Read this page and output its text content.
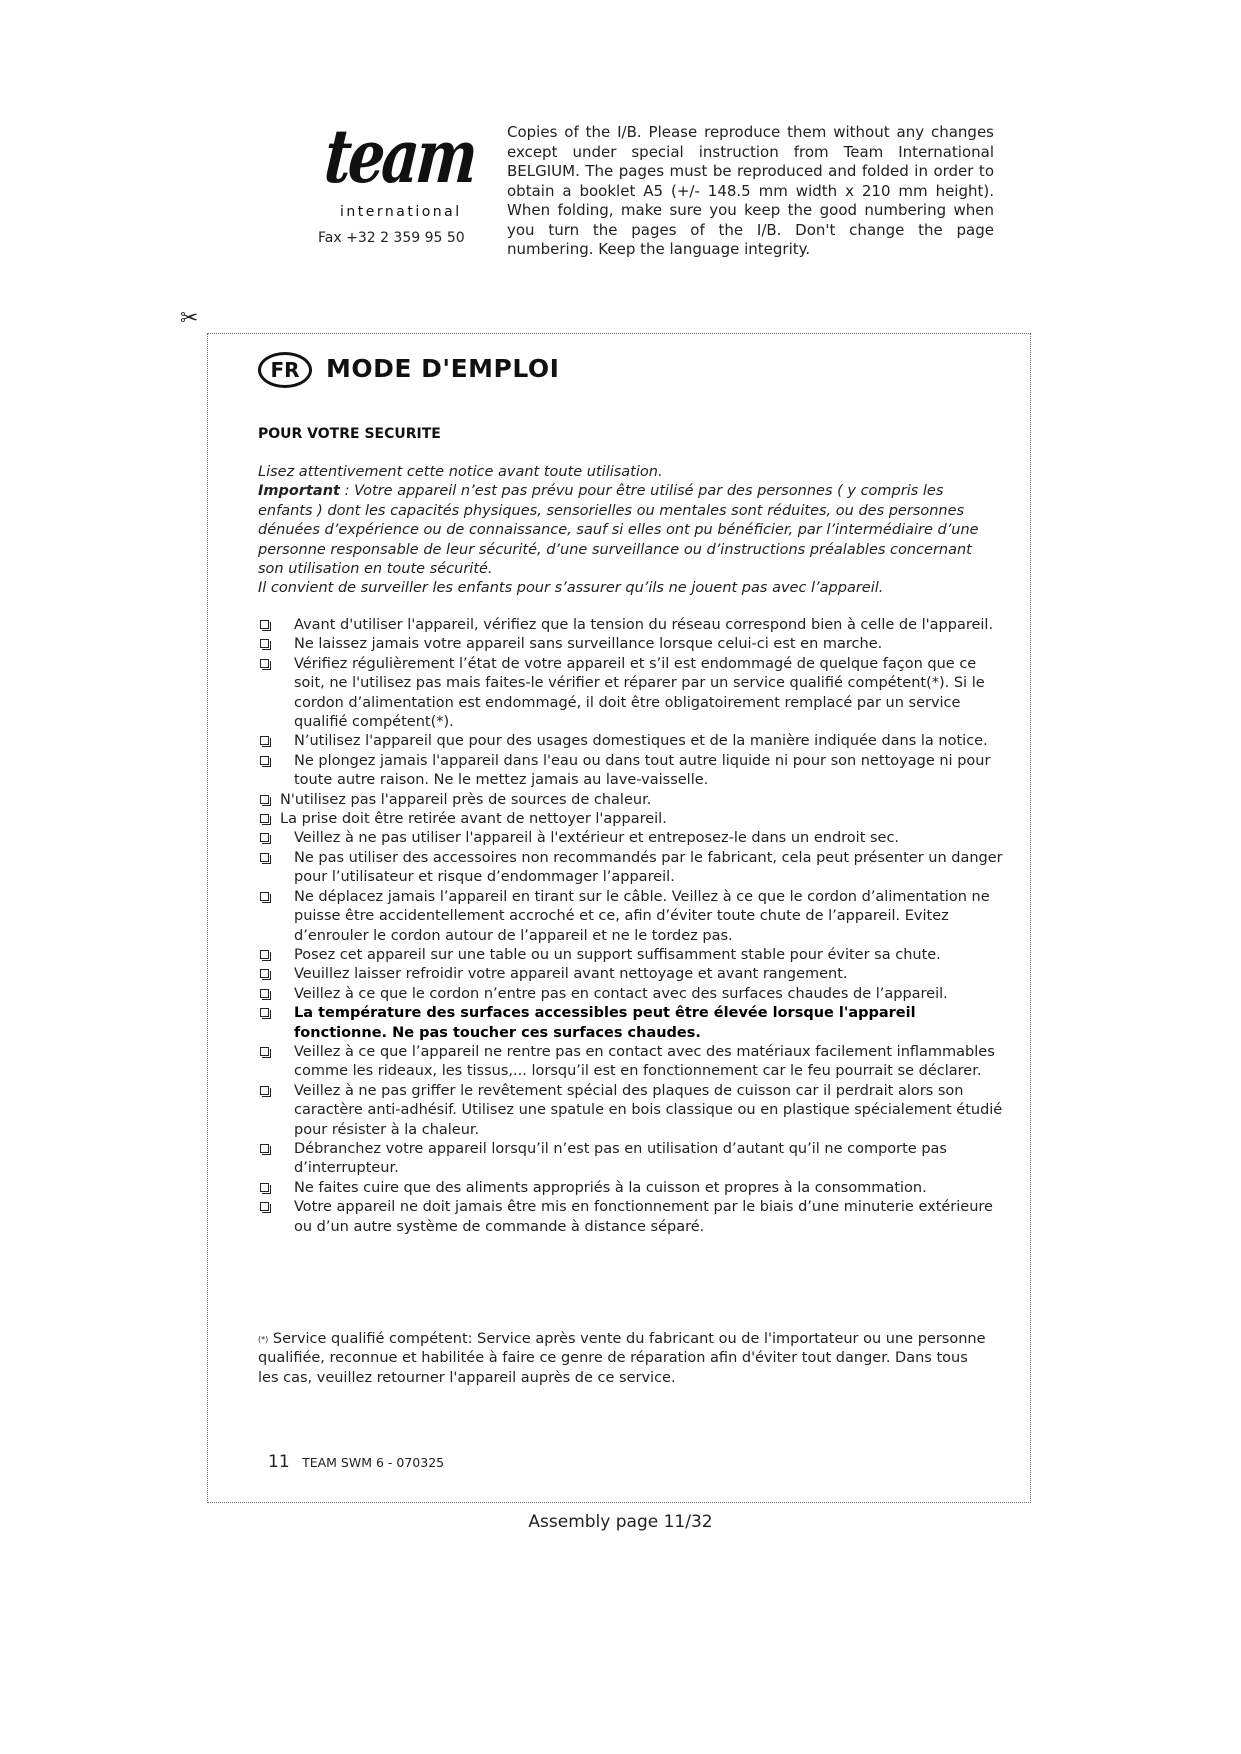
team
international
Fax +32 2 359 95 50
Copies of the I/B. Please reproduce them without any changes except under special instruction from Team International BELGIUM. The pages must be reproduced and folded in order to obtain a booklet A5 (+/- 148.5 mm width x 210 mm height). When folding, make sure you keep the good numbering when you turn the pages of the I/B. Don't change the page numbering. Keep the language integrity.
✂
FR	MODE D'EMPLOI
POUR VOTRE SECURITE

Lisez attentivement cette notice avant toute utilisation.

Important : Votre appareil n’est pas prévu pour être utilisé par des personnes ( y compris les enfants ) dont les capacités physiques, sensorielles ou mentales sont réduites, ou des personnes dénuées d’expérience ou de connaissance, sauf si elles ont pu bénéficier, par l’intermédiaire d’une personne responsable de leur sécurité, d’une surveillance ou d’instructions préalables concernant son utilisation en toute sécurité.

Il convient de surveiller les enfants pour s’assurer qu’ils ne jouent pas avec l’appareil.

Avant d'utiliser l'appareil, vérifiez que la tension du réseau correspond bien à celle de l'appareil.
Ne laissez jamais votre appareil sans surveillance lorsque celui-ci est en marche.
Vérifiez régulièrement l’état de votre appareil et s’il est endommagé de quelque façon que ce soit, ne l'utilisez pas mais faites-le vérifier et réparer par un service qualifié compétent(*). Si le cordon d’alimentation est endommagé, il doit être obligatoirement remplacé par un service qualifié compétent(*).
N’utilisez l'appareil que pour des usages domestiques et de la manière indiquée dans la notice.
Ne plongez jamais l'appareil dans l'eau ou dans tout autre liquide ni pour son nettoyage ni pour toute autre raison. Ne le mettez jamais au lave-vaisselle.
N'utilisez pas l'appareil près de sources de chaleur.
La prise doit être retirée avant de nettoyer l'appareil.
Veillez à ne pas utiliser l'appareil à l'extérieur et entreposez-le dans un endroit sec.
Ne pas utiliser des accessoires non recommandés par le fabricant, cela peut présenter un danger pour l’utilisateur et risque d’endommager l’appareil.
Ne déplacez jamais l’appareil en tirant sur le câble. Veillez à ce que le cordon d’alimentation ne puisse être accidentellement accroché et ce, afin d’éviter toute chute de l’appareil. Evitez d’enrouler le cordon autour de l’appareil et ne le tordez pas.
Posez cet appareil sur une table ou un support suffisamment stable pour éviter sa chute.
Veuillez laisser refroidir votre appareil avant nettoyage et avant rangement.
Veillez à ce que le cordon n’entre pas en contact avec des surfaces chaudes de l’appareil.
La température des surfaces accessibles peut être élevée lorsque l'appareil fonctionne. Ne pas toucher ces surfaces chaudes.
Veillez à ce que l’appareil ne rentre pas en contact avec des matériaux facilement inflammables comme les rideaux, les tissus,... lorsqu’il est en fonctionnement car le feu pourrait se déclarer.
Veillez à ne pas griffer le revêtement spécial des plaques de cuisson car il perdrait alors son caractère anti-adhésif. Utilisez une spatule en bois classique ou en plastique spécialement étudié pour résister à la chaleur.
Débranchez votre appareil lorsqu’il n’est pas en utilisation d’autant qu’il ne comporte pas d’interrupteur.
Ne faites cuire que des aliments appropriés à la cuisson et propres à la consommation.
Votre appareil ne doit jamais être mis en fonctionnement par le biais d’une minuterie extérieure ou d’un autre système de commande à distance séparé.
(*) Service qualifié compétent: Service après vente du fabricant ou de l'importateur ou une personne qualifiée, reconnue et habilitée à faire ce genre de réparation afin d'éviter tout danger. Dans tous les cas, veuillez retourner l'appareil auprès de ce service.
11 TEAM SWM 6 - 070325
Assembly page 11/32
